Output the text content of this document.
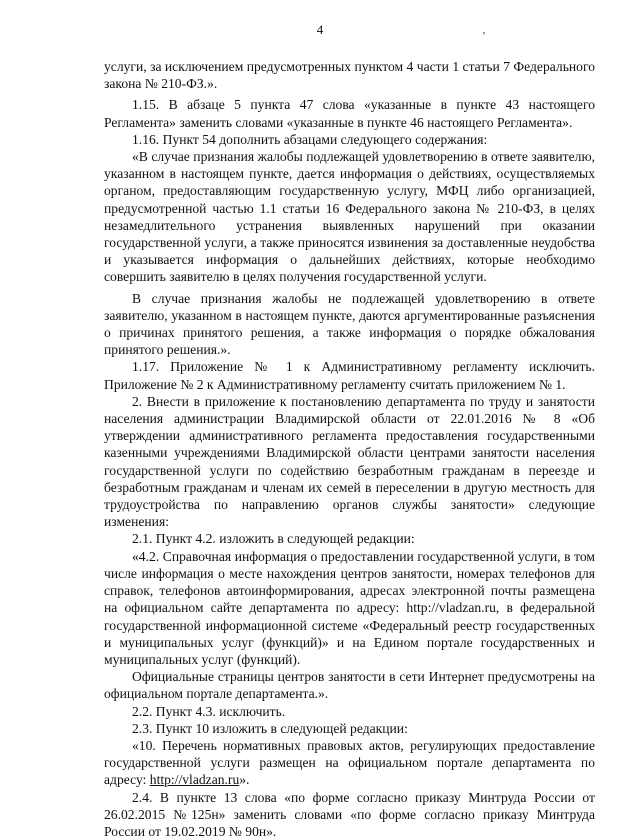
4	ʼ

услуги, за исключением предусмотренных пунктом 4 части 1 статьи 7 Федерального закона № 210-ФЗ.».

1.15. В абзаце 5 пункта 47 слова «указанные в пункте 43 настоящего Регламента» заменить словами «указанные в пункте 46 настоящего Регламента».

1.16. Пункт 54 дополнить абзацами следующего содержания:

«В случае признания жалобы подлежащей удовлетворению в ответе заявителю, указанном в настоящем пункте, дается информация о действиях, осуществляемых органом, предоставляющим государственную услугу, МФЦ либо организацией, предусмотренной частью 1.1 статьи 16 Федерального закона № 210-ФЗ, в целях незамедлительного устранения выявленных нарушений при оказании государственной услуги, а также приносятся извинения за доставленные неудобства и указывается информация о дальнейших действиях, которые необходимо совершить заявителю в целях получения государственной услуги.

В случае признания жалобы не подлежащей удовлетворению в ответе заявителю, указанном в настоящем пункте, даются аргументированные разъяснения о причинах принятого решения, а также информация о порядке обжалования принятого решения.».

1.17. Приложение № 1 к Административному регламенту исключить. Приложение № 2 к Административному регламенту считать приложением № 1.

2. Внести в приложение к постановлению департамента по труду и занятости населения администрации Владимирской области от 22.01.2016 № 8 «Об утверждении административного регламента предоставления государственными казенными учреждениями Владимирской области центрами занятости населения государственной услуги по содействию безработным гражданам в переезде и безработным гражданам и членам их семей в переселении в другую местность для трудоустройства по направлению органов службы занятости» следующие изменения:

2.1. Пункт 4.2. изложить в следующей редакции:

«4.2. Справочная информация о предоставлении государственной услуги, в том числе информация о месте нахождения центров занятости, номерах телефонов для справок, телефонов автоинформирования, адресах электронной почты размещена на официальном сайте департамента по адресу: http://vladzan.ru, в федеральной государственной информационной системе «Федеральный реестр государственных и муниципальных услуг (функций)» и на Едином портале государственных и муниципальных услуг (функций).

Официальные страницы центров занятости в сети Интернет предусмотрены на официальном портале департамента.».

2.2. Пункт 4.3. исключить.

2.3. Пункт 10 изложить в следующей редакции:

«10. Перечень нормативных правовых актов, регулирующих предоставление государственной услуги размещен на официальном портале департамента по адресу: http://vladzan.ru».

2.4. В пункте 13 слова «по форме согласно приказу Минтруда России от 26.02.2015 №125н» заменить словами «по форме согласно приказу Минтруда России от 19.02.2019 № 90н».
